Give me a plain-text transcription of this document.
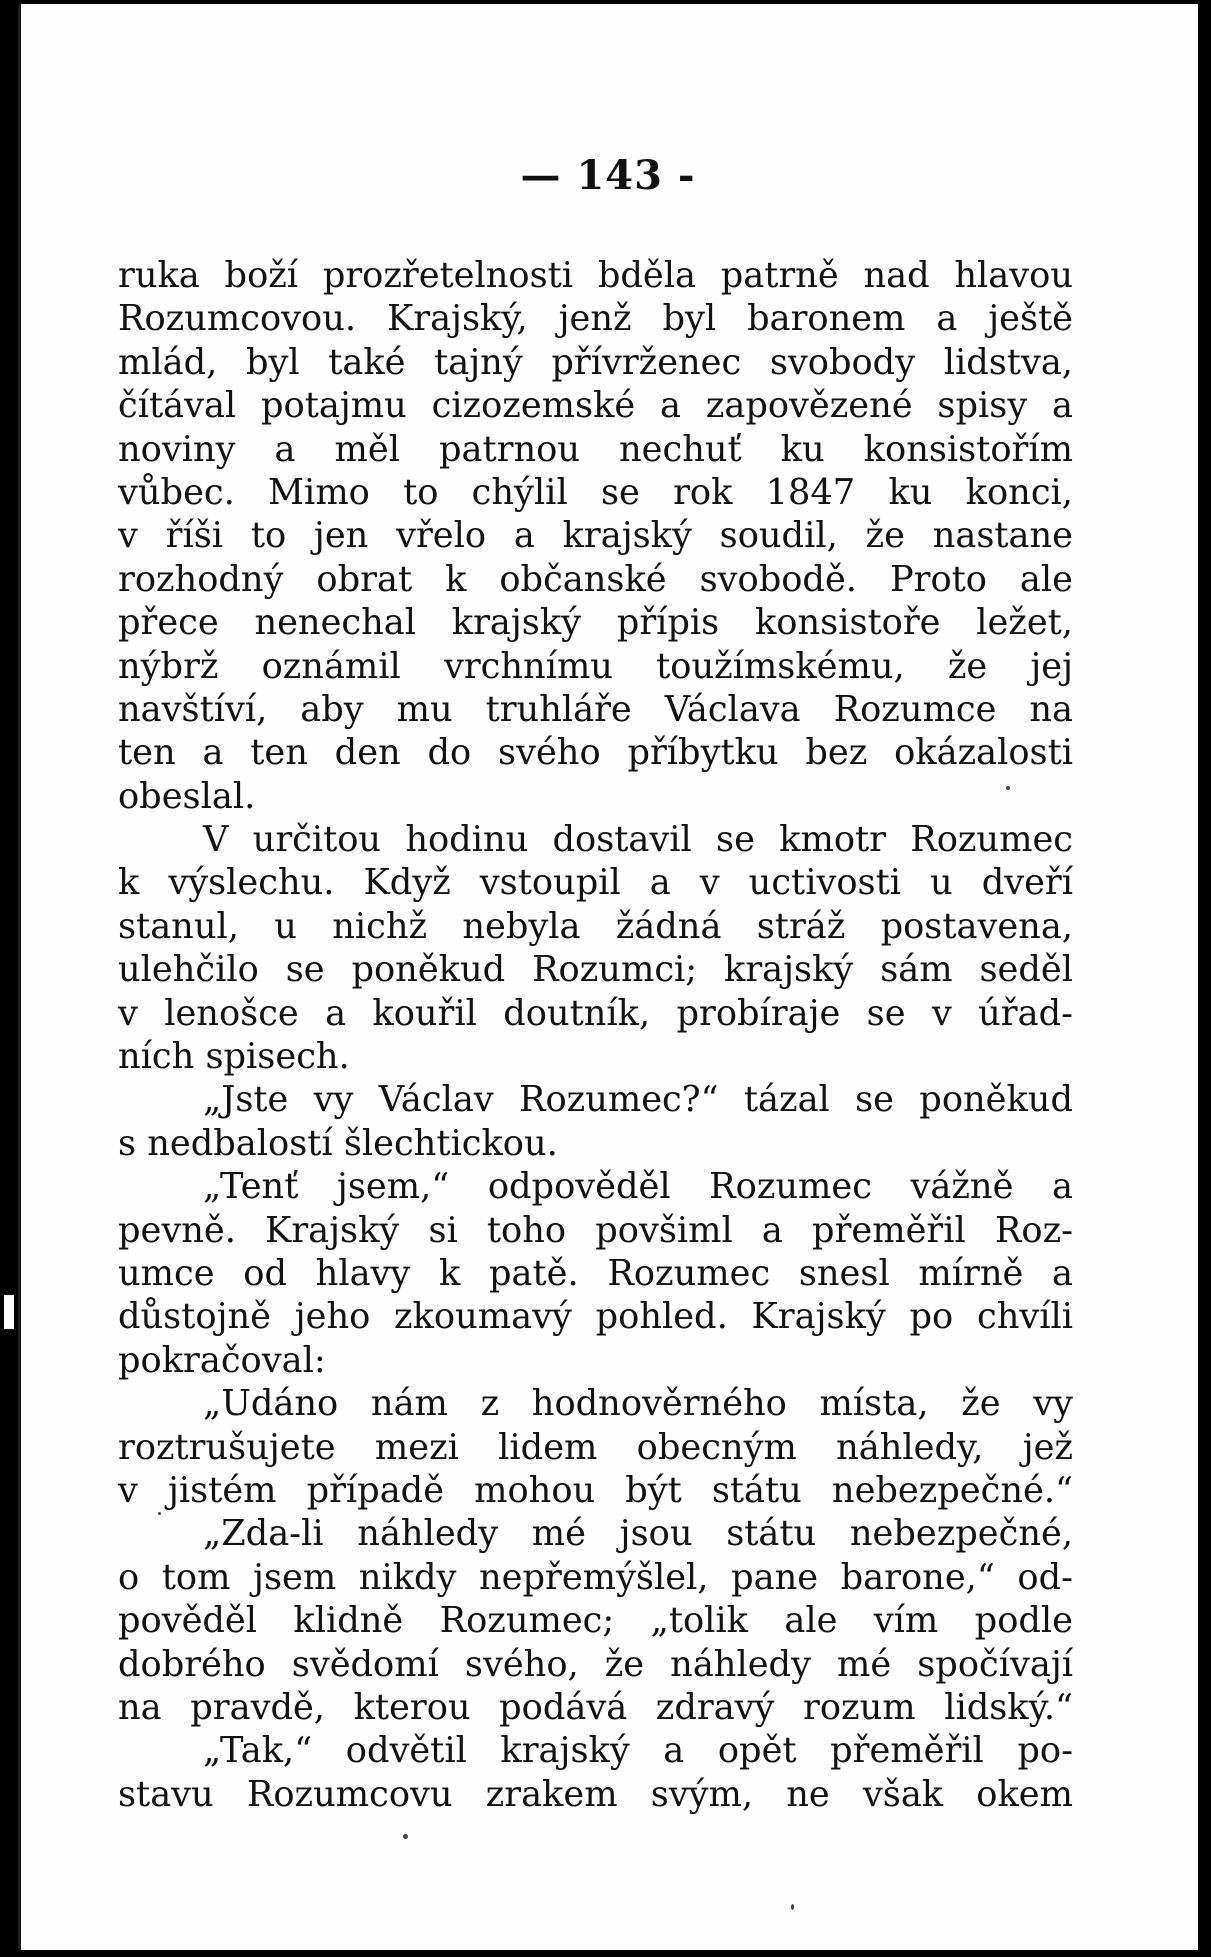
— 143 -
ruka boží prozřetelnosti bděla patrně nad hlavou
Rozumcovou. Krajský, jenž byl baronem a ještě
mlád, byl také tajný přívrženec svobody lidstva,
čítával potajmu cizozemské a zapovězené spisy a
noviny a měl patrnou nechuť ku konsistořím
vůbec. Mimo to chýlil se rok 1847 ku konci,
v říši to jen vřelo a krajský soudil, že nastane
rozhodný obrat k občanské svobodě. Proto ale
přece nenechal krajský přípis konsistoře ležet,
nýbrž oznámil vrchnímu toužímskému, že jej
navštíví, aby mu truhláře Václava Rozumce na
ten a ten den do svého příbytku bez okázalosti
obeslal.
V určitou hodinu dostavil se kmotr Rozumec
k výslechu. Když vstoupil a v uctivosti u dveří
stanul, u nichž nebyla žádná stráž postavena,
ulehčilo se poněkud Rozumci; krajský sám seděl
v lenošce a kouřil doutník, probíraje se v úřad-
ních spisech.
„Jste vy Václav Rozumec?“ tázal se poněkud
s nedbalostí šlechtickou.
„Tenť jsem,“ odpověděl Rozumec vážně a
pevně. Krajský si toho povšiml a přeměřil Roz-
umce od hlavy k patě. Rozumec snesl mírně a
důstojně jeho zkoumavý pohled. Krajský po chvíli
pokračoval:
„Udáno nám z hodnověrného místa, že vy
roztrušujete mezi lidem obecným náhledy, jež
v jistém případě mohou být státu nebezpečné.“
„Zda-li náhledy mé jsou státu nebezpečné,
o tom jsem nikdy nepřemýšlel, pane barone,“ od-
pověděl klidně Rozumec; „tolik ale vím podle
dobrého svědomí svého, že náhledy mé spočívají
na pravdě, kterou podává zdravý rozum lidský.“
„Tak,“ odvětil krajský a opět přeměřil po-
stavu Rozumcovu zrakem svým, ne však okem
